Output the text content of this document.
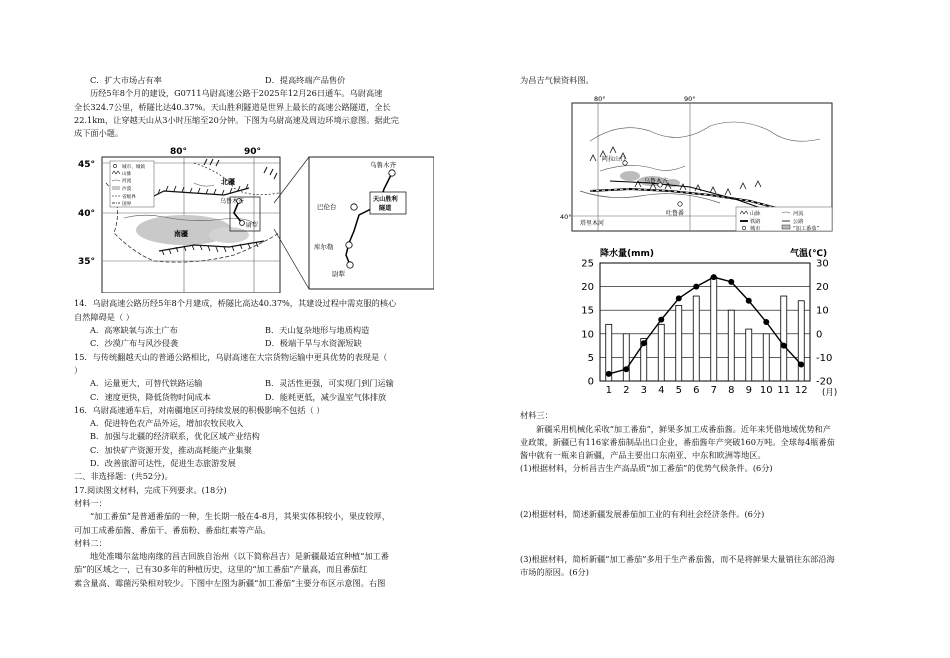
C．扩大市场占有率	D．提高终端产品售价
历经5年8个月的建设，G0711乌尉高速公路于2025年12月26日通车。乌尉高速
全长324.7公里，桥隧比达40.37%。天山胜利隧道是世界上最长的高速公路隧道，全长
22.1km，让穿越天山从3小时压缩至20分钟。下图为乌尉高速及周边环境示意图。据此完
成下面小题。
城市、城镇
山脉
河流
沙漠
省级界
国界
80°	90°
45°
40°
35°
北疆
南疆
乌鲁木齐
尉犁
乌鲁木齐
巴伦台
库尔勒
尉犁
天山胜利
隧道
14．乌尉高速公路历经5年8个月建成，桥隧比高达40.37%，其建设过程中需克服的核心
自然障碍是（ ）
A．高寒缺氧与冻土广布	B．天山复杂地形与地质构造
C．沙漠广布与风沙侵袭	D．极端干旱与水资源短缺
15．与传统翻越天山的普通公路相比，乌尉高速在大宗货物运输中更具优势的表现是（
）
A．运量更大，可替代铁路运输	B．灵活性更强，可实现门到门运输
C．速度更快，降低货物时间成本	D．能耗更低，减少温室气体排放
16．乌尉高速通车后，对南疆地区可持续发展的积极影响不包括（ ）
A．促进特色农产品外运，增加农牧民收入
B．加强与北疆的经济联系，优化区域产业结构
C．加快矿产资源开发，推动高耗能产业集聚
D．改善旅游可达性，促进生态旅游发展
二、非选择题：(共52分)。
17.阅读图文材料，完成下列要求。(18分)
材料一：
“加工番茄”是普通番茄的一种，生长期一般在4-8月，其果实体积较小，果皮较厚，
可加工成番茄酱、番茄干、番茄粉、番茄红素等产品。
材料二：
地处准噶尔盆地南缘的昌吉回族自治州（以下简称昌吉）是新疆最适宜种植“加工番
茄”的区域之一，已有30多年的种植历史，这里的“加工番茄”产量高，而且番茄红
素含量高、霉菌污染相对较少。下图中左图为新疆“加工番茄”主要分布区示意图。右图
为昌吉气候资料图。
80°	90°
40°
阿拉山口
乌鲁木齐
吐鲁番
塔里木河
山脉	河流
铁路	公路
城市	“加工番茄”
降水量(mm)	气温(℃)
0
5
10
15
20
25
-20
-10
0
10
20
30
1 2 3 4 5 6 7 8 9 10 11 12 (月)
材料三：
新疆采用机械化采收“加工番茄”，鲜果多加工成番茄酱。近年来凭借地域优势和产
业政策，新疆已有116家番茄制品出口企业，番茄酱年产突破160万吨。全球每4瓶番茄
酱中就有一瓶来自新疆，产品主要出口东南亚、中东和欧洲等地区。
(1)根据材料，分析昌吉生产高品质“加工番茄”的优势气候条件。(6分)
(2)根据材料，简述新疆发展番茄加工业的有利社会经济条件。(6分)
(3)根据材料，简析新疆“加工番茄”多用于生产番茄酱，而不是将鲜果大量销往东部沿海
市场的原因。(6分)
